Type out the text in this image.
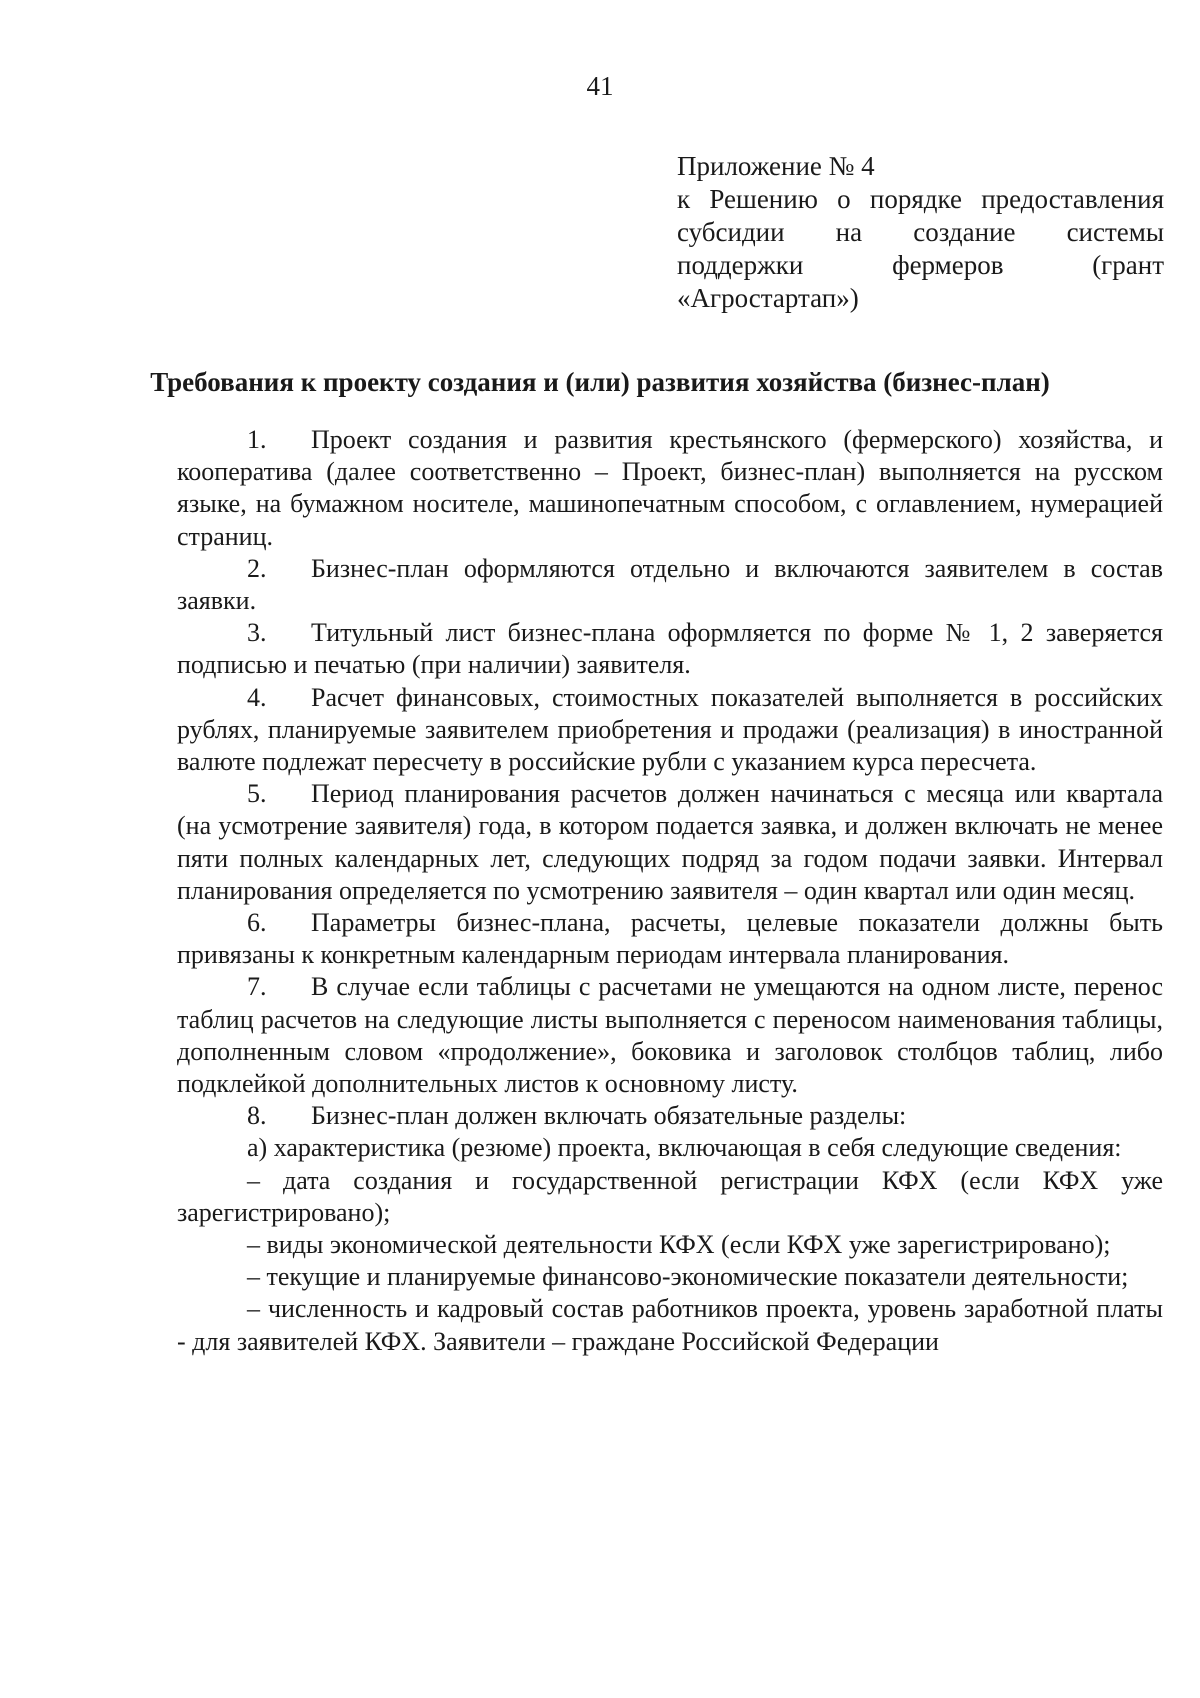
41
Приложение № 4
к Решению о порядке предоставления
субсидии на создание системы
поддержки фермеров (грант
«Агростартап»)
Требования к проекту создания и (или) развития хозяйства (бизнес-план)

1. Проект создания и развития крестьянского (фермерского) хозяйства, и кооператива (далее соответственно – Проект, бизнес-план) выполняется на русском языке, на бумажном носителе, машинопечатным способом, с оглавлением, нумерацией страниц.

2. Бизнес-план оформляются отдельно и включаются заявителем в состав заявки.

3. Титульный лист бизнес-плана оформляется по форме № 1, 2 заверяется подписью и печатью (при наличии) заявителя.

4. Расчет финансовых, стоимостных показателей выполняется в российских рублях, планируемые заявителем приобретения и продажи (реализация) в иностранной валюте подлежат пересчету в российские рубли с указанием курса пересчета.

5. Период планирования расчетов должен начинаться с месяца или квартала (на усмотрение заявителя) года, в котором подается заявка, и должен включать не менее пяти полных календарных лет, следующих подряд за годом подачи заявки. Интервал планирования определяется по усмотрению заявителя – один квартал или один месяц.

6. Параметры бизнес-плана, расчеты, целевые показатели должны быть привязаны к конкретным календарным периодам интервала планирования.

7. В случае если таблицы с расчетами не умещаются на одном листе, перенос таблиц расчетов на следующие листы выполняется с переносом наименования таблицы, дополненным словом «продолжение», боковика и заголовок столбцов таблиц, либо подклейкой дополнительных листов к основному листу.

8. Бизнес-план должен включать обязательные разделы:

а) характеристика (резюме) проекта, включающая в себя следующие сведения:

– дата создания и государственной регистрации КФХ (если КФХ уже зарегистрировано);

– виды экономической деятельности КФХ (если КФХ уже зарегистрировано);

– текущие и планируемые финансово-экономические показатели деятельности;

– численность и кадровый состав работников проекта, уровень заработной платы - для заявителей КФХ. Заявители – граждане Российской Федерации
